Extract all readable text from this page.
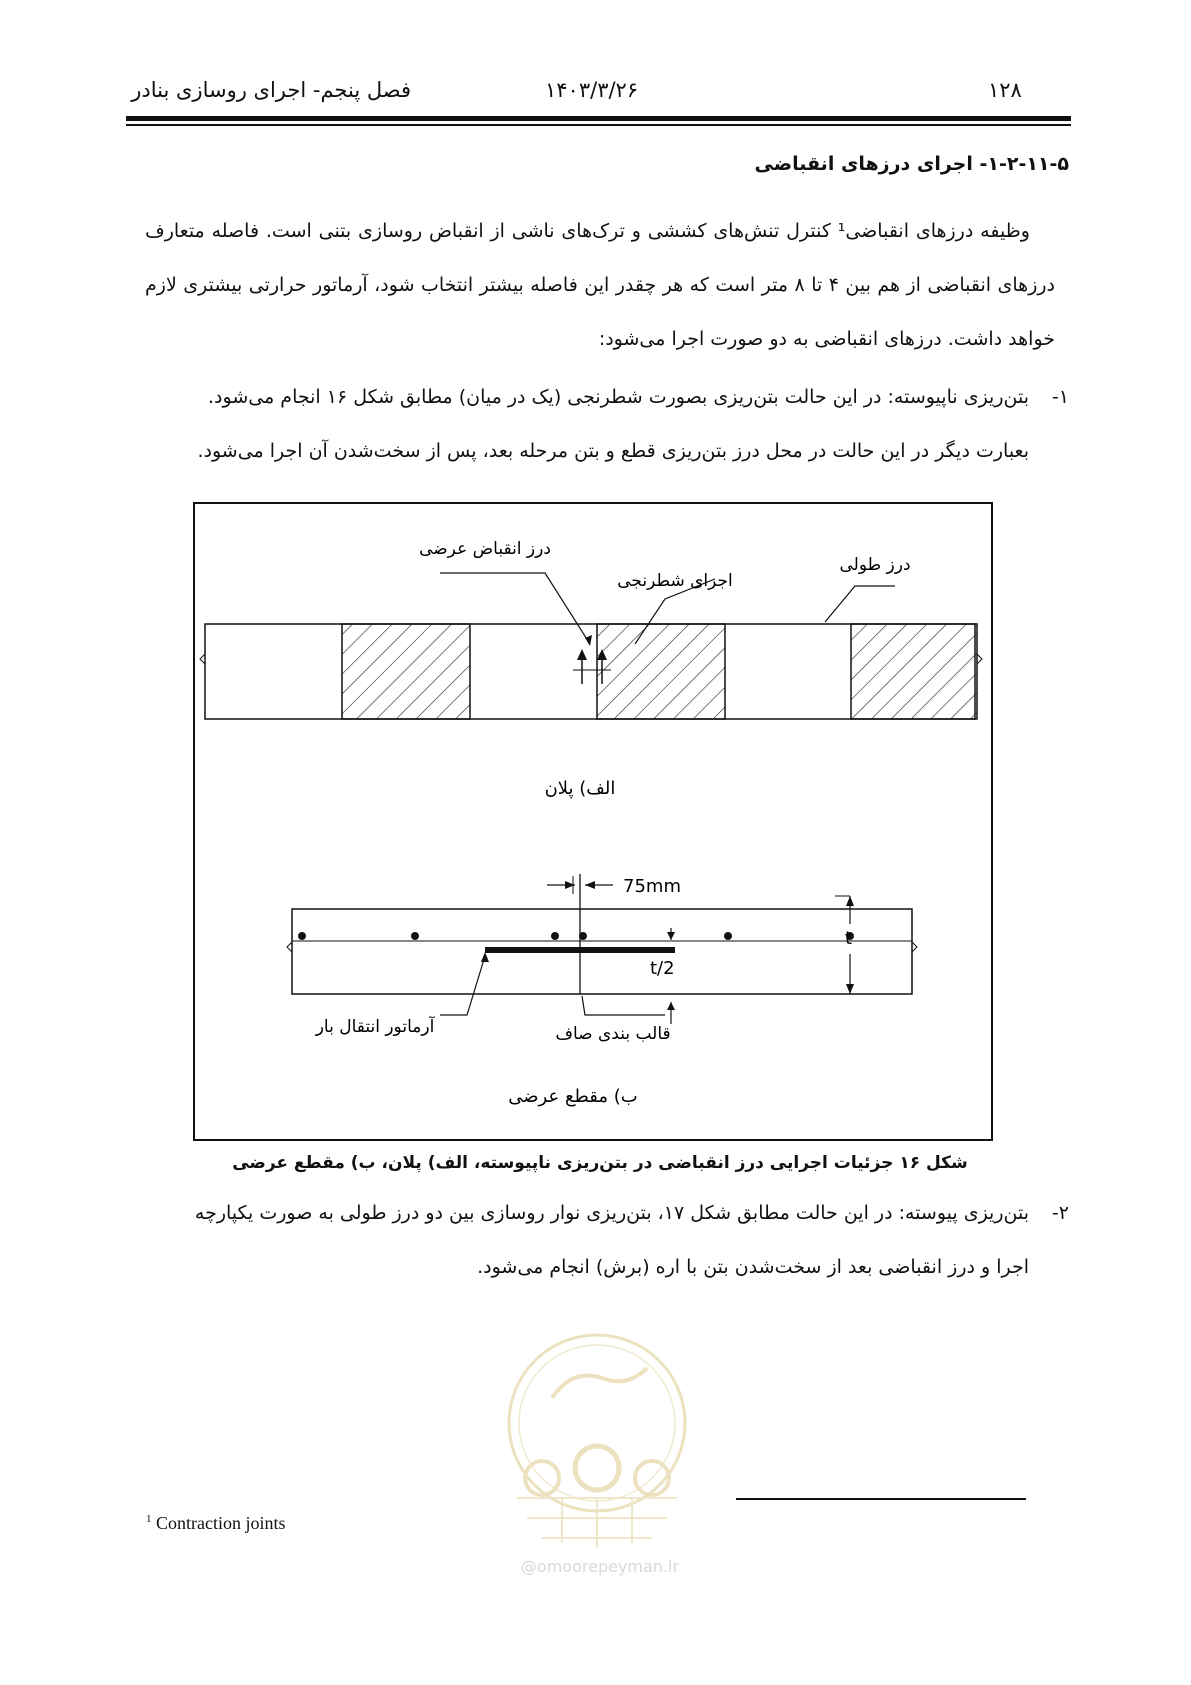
۱۲۸
۱۴۰۳/۳/۲۶
فصل پنجم- اجرای روسازی بنادر
۱-۲-۱۱-۵- اجرای درزهای انقباضی
وظیفه درزهای انقباضی¹ کنترل تنش‌های کششی و ترک‌های ناشی از انقباض روسازی بتنی است. فاصله متعارف
درزهای انقباضی از هم بین ۴ تا ۸ متر است که هر چقدر این فاصله بیشتر انتخاب شود، آرماتور حرارتی بیشتری لازم
خواهد داشت. درزهای انقباضی به دو صورت اجرا می‌شود:
۱-
بتن‌ریزی ناپیوسته: در این حالت بتن‌ریزی بصورت شطرنجی (یک در میان) مطابق شکل ۱۶ انجام می‌شود.
بعبارت دیگر در این حالت در محل درز بتن‌ریزی قطع و بتن مرحله بعد، پس از سخت‌شدن آن اجرا می‌شود.
درز انقباض عرضی
اجرای شطرنجی
درز طولی
الف) پلان
75mm
t
t/2
آرماتور انتقال بار	قالب بندی صاف
ب) مقطع عرضی
شکل ۱۶ جزئیات اجرایی درز انقباضی در بتن‌ریزی ناپیوسته، الف) پلان، ب) مقطع عرضی
۲-
بتن‌ریزی پیوسته: در این حالت مطابق شکل ۱۷، بتن‌ریزی نوار روسازی بین دو درز طولی به صورت یکپارچه
اجرا و درز انقباضی بعد از سخت‌شدن بتن با اره (برش) انجام می‌شود.
@omoorepeyman.ir
$^1$ Contraction joints
